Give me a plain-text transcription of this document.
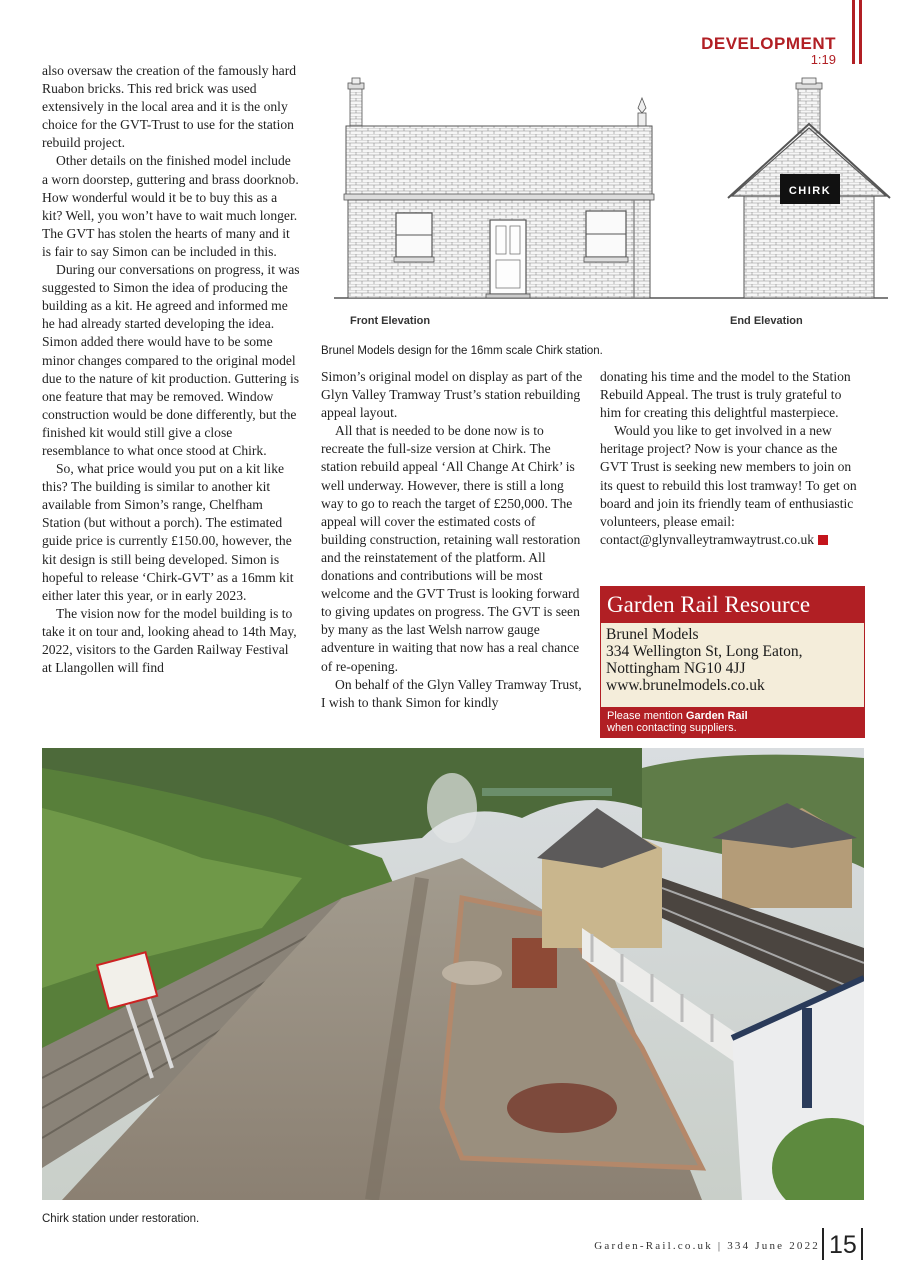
DEVELOPMENT
1:19

also oversaw the creation of the famously hard Ruabon bricks. This red brick was used extensively in the local area and it is the only choice for the GVT-Trust to use for the station rebuild project.

Other details on the finished model include a worn doorstep, guttering and brass doorknob. How wonderful would it be to buy this as a kit? Well, you won’t have to wait much longer. The GVT has stolen the hearts of many and it is fair to say Simon can be included in this.

During our conversations on progress, it was suggested to Simon the idea of producing the building as a kit. He agreed and informed me he had already started developing the idea. Simon added there would have to be some minor changes compared to the original model due to the nature of kit production. Guttering is one feature that may be removed. Window construction would be done differently, but the finished kit would still give a close resemblance to what once stood at Chirk.

So, what price would you put on a kit like this? The building is similar to another kit available from Simon’s range, Chelfham Station (but without a porch). The estimated guide price is currently £150.00, however, the kit design is still being developed. Simon is hopeful to release ‘Chirk-GVT’ as a 16mm kit either later this year, or in early 2023.

The vision now for the model building is to take it on tour and, looking ahead to 14th May, 2022, visitors to the Garden Railway Festival at Llangollen will find

CHIRK
Front Elevation	End Elevation
Brunel Models design for the 16mm scale Chirk station.

Simon’s original model on display as part of the Glyn Valley Tramway Trust’s station rebuilding appeal layout.

All that is needed to be done now is to recreate the full-size version at Chirk. The station rebuild appeal ‘All Change At Chirk’ is well underway. However, there is still a long way to go to reach the target of £250,000. The appeal will cover the estimated costs of building construction, retaining wall restoration and the reinstatement of the platform. All donations and contributions will be most welcome and the GVT Trust is looking forward to giving updates on progress. The GVT is seen by many as the last Welsh narrow gauge adventure in waiting that now has a real chance of re-opening.

On behalf of the Glyn Valley Tramway Trust, I wish to thank Simon for kindly

donating his time and the model to the Station Rebuild Appeal. The trust is truly grateful to him for creating this delightful masterpiece.

Would you like to get involved in a new heritage project? Now is your chance as the GVT Trust is seeking new members to join on its quest to rebuild this lost tramway! To get on board and join its friendly team of enthusiastic volunteers, please email: contact@glynvalleytramwaytrust.co.uk

Garden Rail Resource
Brunel Models
334 Wellington St, Long Eaton,
Nottingham NG10 4JJ
www.brunelmodels.co.uk
Please mention Garden Rail
when contacting suppliers.
Chirk station under restoration.
Garden-Rail.co.uk | 334 June 2022 15
